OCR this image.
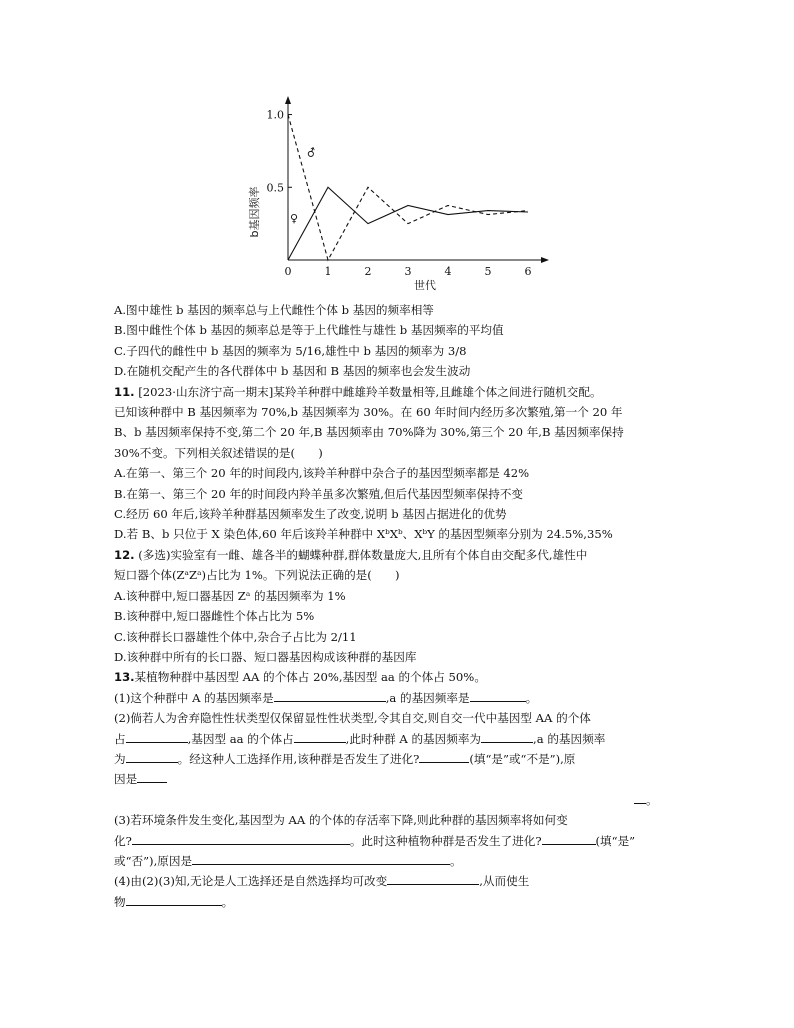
1.0
0.5
0	1	2	3	4	5	6
b基因频率
世代
♂
♀
A.图中雄性 b 基因的频率总与上代雌性个体 b 基因的频率相等
B.图中雌性个体 b 基因的频率总是等于上代雌性与雄性 b 基因频率的平均值
C.子四代的雌性中 b 基因的频率为 5/16,雄性中 b 基因的频率为 3/8
D.在随机交配产生的各代群体中 b 基因和 B 基因的频率也会发生波动
11. [2023·山东济宁高一期末]某羚羊种群中雌雄羚羊数量相等,且雌雄个体之间进行随机交配。
已知该种群中 B 基因频率为 70%,b 基因频率为 30%。在 60 年时间内经历多次繁殖,第一个 20 年
B、b 基因频率保持不变,第二个 20 年,B 基因频率由 70%降为 30%,第三个 20 年,B 基因频率保持
30%不变。下列相关叙述错误的是(　　)
A.在第一、第三个 20 年的时间段内,该羚羊种群中杂合子的基因型频率都是 42%
B.在第一、第三个 20 年的时间段内羚羊虽多次繁殖,但后代基因型频率保持不变
C.经历 60 年后,该羚羊种群基因频率发生了改变,说明 b 基因占据进化的优势
D.若 B、b 只位于 X 染色体,60 年后该羚羊种群中 XᵇXᵇ、XᵇY 的基因型频率分别为 24.5%,35%
12. (多选)实验室有一雌、雄各半的蝴蝶种群,群体数量庞大,且所有个体自由交配多代,雄性中
短口器个体(ZᵃZᵃ)占比为 1%。下列说法正确的是(　　)
A.该种群中,短口器基因 Zᵃ 的基因频率为 1%
B.该种群中,短口器雌性个体占比为 5%
C.该种群长口器雄性个体中,杂合子占比为 2/11
D.该种群中所有的长口器、短口器基因构成该种群的基因库
13.某植物种群中基因型 AA 的个体占 20%,基因型 aa 的个体占 50%。
(1)这个种群中 A 的基因频率是	,a 的基因频率是	。
(2)倘若人为舍弃隐性性状类型仅保留显性性状类型,令其自交,则自交一代中基因型 AA 的个体
占	,基因型 aa 的个体占	,此时种群 A 的基因频率为	,a 的基因频率
为	。经这种人工选择作用,该种群是否发生了进化?	(填“是”或“不是”),原
因是
。
(3)若环境条件发生变化,基因型为 AA 的个体的存活率下降,则此种群的基因频率将如何变
化?	。此时这种植物种群是否发生了进化?	(填“是”
或“否”),原因是	。
(4)由(2)(3)知,无论是人工选择还是自然选择均可改变	,从而使生
物	。
